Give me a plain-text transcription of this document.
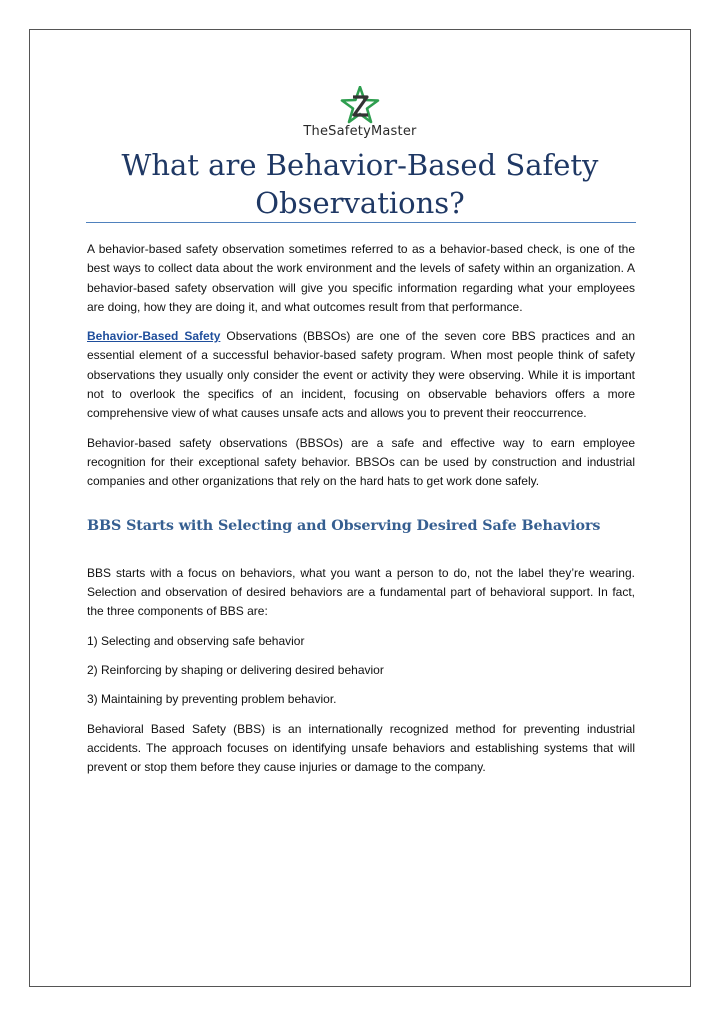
TheSafetyMaster
What are Behavior-Based Safety Observations?

A behavior-based safety observation sometimes referred to as a behavior-based check, is one of the best ways to collect data about the work environment and the levels of safety within an organization. A behavior-based safety observation will give you specific information regarding what your employees are doing, how they are doing it, and what outcomes result from that performance.

Behavior-Based Safety Observations (BBSOs) are one of the seven core BBS practices and an essential element of a successful behavior-based safety program. When most people think of safety observations they usually only consider the event or activity they were observing. While it is important not to overlook the specifics of an incident, focusing on observable behaviors offers a more comprehensive view of what causes unsafe acts and allows you to prevent their reoccurrence.

Behavior-based safety observations (BBSOs) are a safe and effective way to earn employee recognition for their exceptional safety behavior. BBSOs can be used by construction and industrial companies and other organizations that rely on the hard hats to get work done safely.

BBS Starts with Selecting and Observing Desired Safe Behaviors

BBS starts with a focus on behaviors, what you want a person to do, not the label they’re wearing. Selection and observation of desired behaviors are a fundamental part of behavioral support. In fact, the three components of BBS are:

1) Selecting and observing safe behavior

2) Reinforcing by shaping or delivering desired behavior

3) Maintaining by preventing problem behavior.

Behavioral Based Safety (BBS) is an internationally recognized method for preventing industrial accidents. The approach focuses on identifying unsafe behaviors and establishing systems that will prevent or stop them before they cause injuries or damage to the company.
